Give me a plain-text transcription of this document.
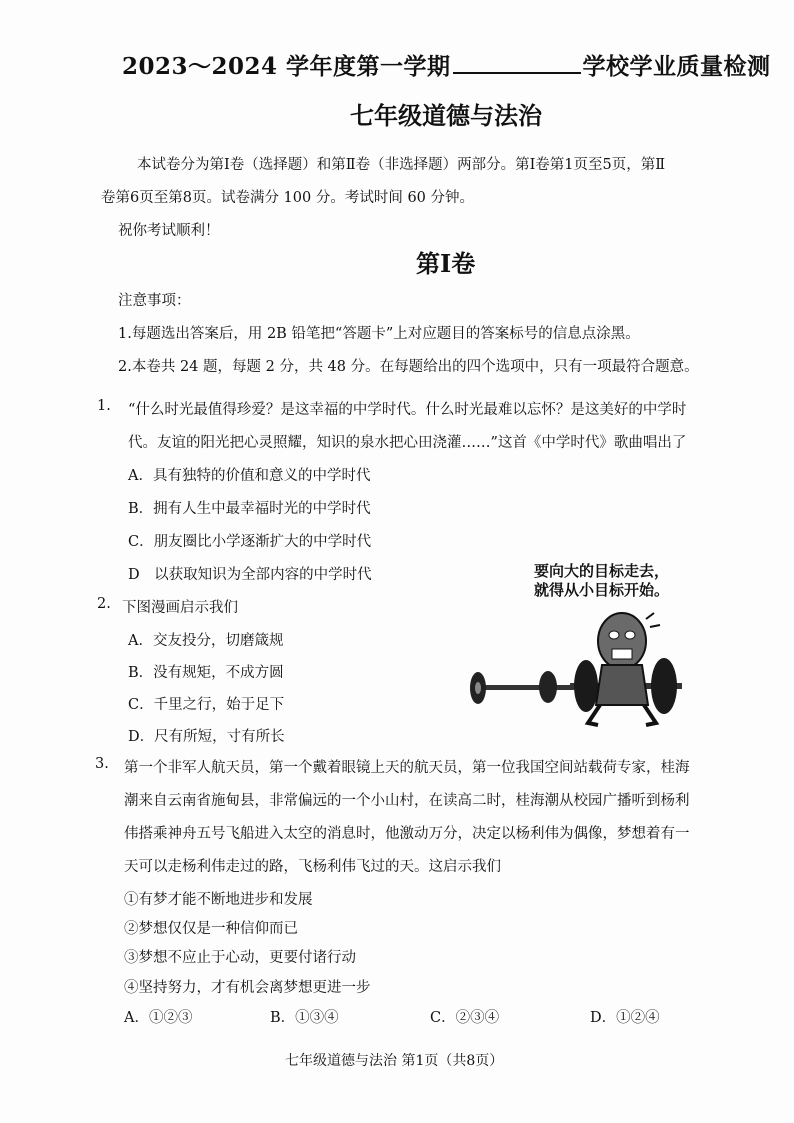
2023～2024 学年度第一学期	学校学业质量检测
七年级道德与法治
本试卷分为第Ⅰ卷（选择题）和第Ⅱ卷（非选择题）两部分。第Ⅰ卷第1页至5页，第Ⅱ
卷第6页至第8页。试卷满分 100 分。考试时间 60 分钟。
祝你考试顺利！
第Ⅰ卷
注意事项：
1.每题选出答案后，用 2B 铅笔把“答题卡”上对应题目的答案标号的信息点涂黑。
2.本卷共 24 题，每题 2 分，共 48 分。在每题给出的四个选项中，只有一项最符合题意。
1. “什么时光最值得珍爱？是这幸福的中学时代。什么时光最难以忘怀？是这美好的中学时
代。友谊的阳光把心灵照耀，知识的泉水把心田浇灌……”这首《中学时代》歌曲唱出了
A．具有独特的价值和意义的中学时代
B．拥有人生中最幸福时光的中学时代
C．朋友圈比小学逐渐扩大的中学时代
D　以获取知识为全部内容的中学时代
2. 下图漫画启示我们
A．交友投分，切磨箴规
B．没有规矩，不成方圆
C．千里之行，始于足下
D．尺有所短，寸有所长
要向大的目标走去，
就得从小目标开始。
3. 第一个非军人航天员，第一个戴着眼镜上天的航天员，第一位我国空间站载荷专家，桂海
潮来自云南省施甸县，非常偏远的一个小山村，在读高二时，桂海潮从校园广播听到杨利
伟搭乘神舟五号飞船进入太空的消息时，他激动万分，决定以杨利伟为偶像，梦想着有一
天可以走杨利伟走过的路，飞杨利伟飞过的天。这启示我们
①有梦才能不断地进步和发展
②梦想仅仅是一种信仰而已
③梦想不应止于心动，更要付诸行动
④坚持努力，才有机会离梦想更进一步
A．①②③	B．①③④	C．②③④	D．①②④
七年级道德与法治 第1页（共8页）
